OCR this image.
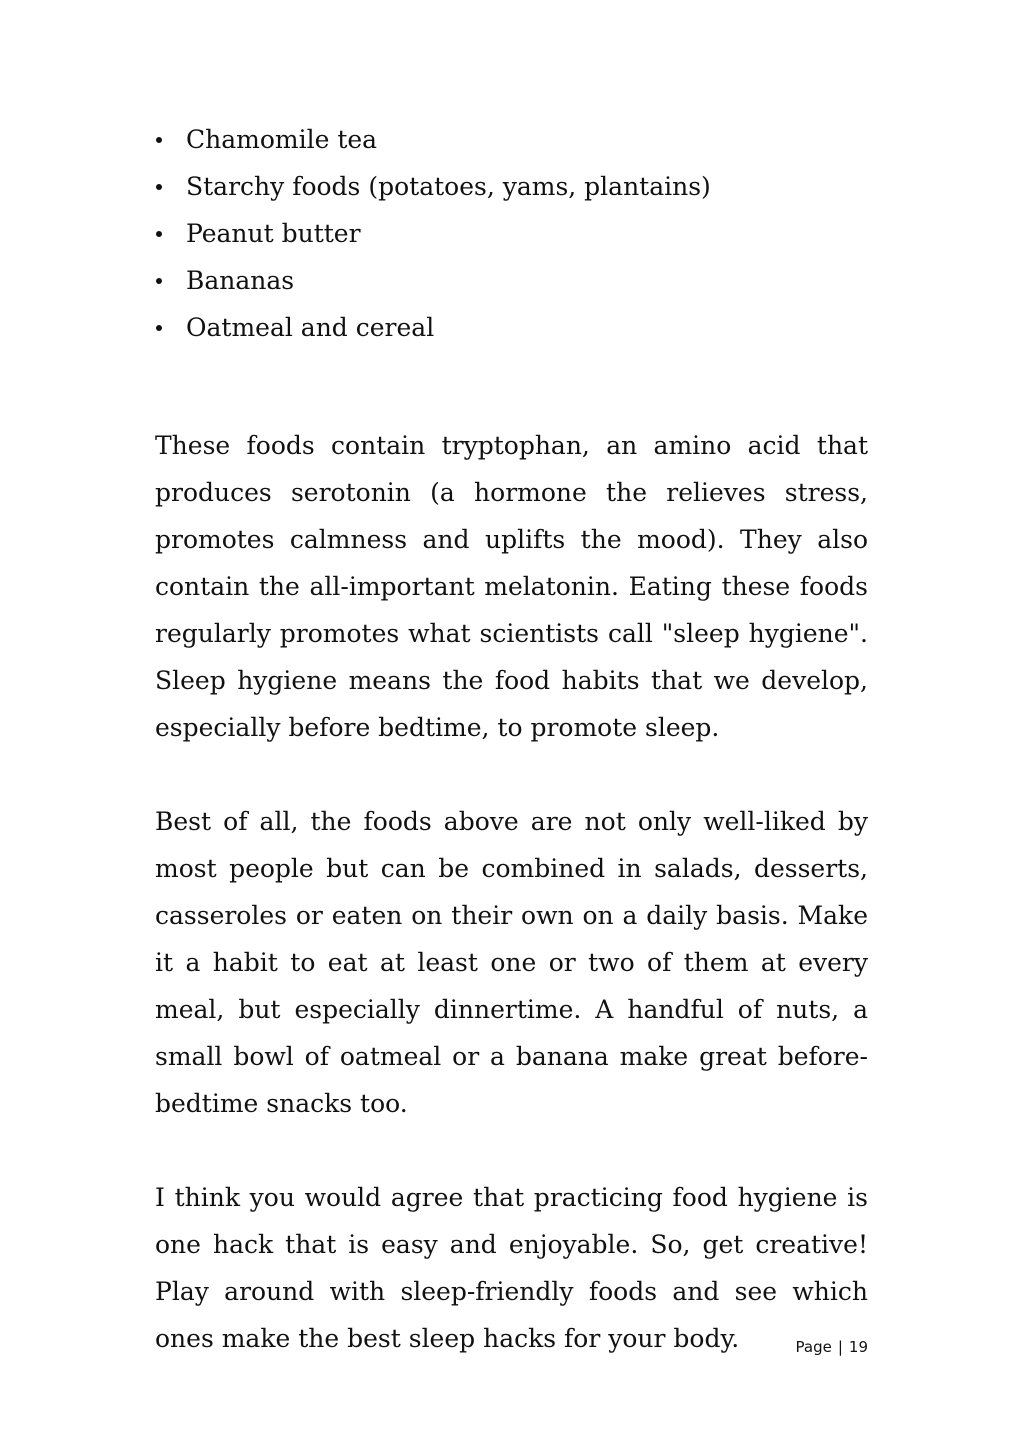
Chamomile tea
Starchy foods (potatoes, yams, plantains)
Peanut butter
Bananas
Oatmeal and cereal

These foods contain tryptophan, an amino acid that produces serotonin (a hormone the relieves stress, promotes calmness and uplifts the mood). They also contain the all-important melatonin. Eating these foods regularly promotes what scientists call "sleep hygiene". Sleep hygiene means the food habits that we develop, especially before bedtime, to promote sleep.

Best of all, the foods above are not only well-liked by most people but can be combined in salads, desserts, casseroles or eaten on their own on a daily basis. Make it a habit to eat at least one or two of them at every meal, but especially dinnertime. A handful of nuts, a small bowl of oatmeal or a banana make great before-bedtime snacks too.

I think you would agree that practicing food hygiene is one hack that is easy and enjoyable. So, get creative! Play around with sleep-friendly foods and see which ones make the best sleep hacks for your body.	Page | 19
